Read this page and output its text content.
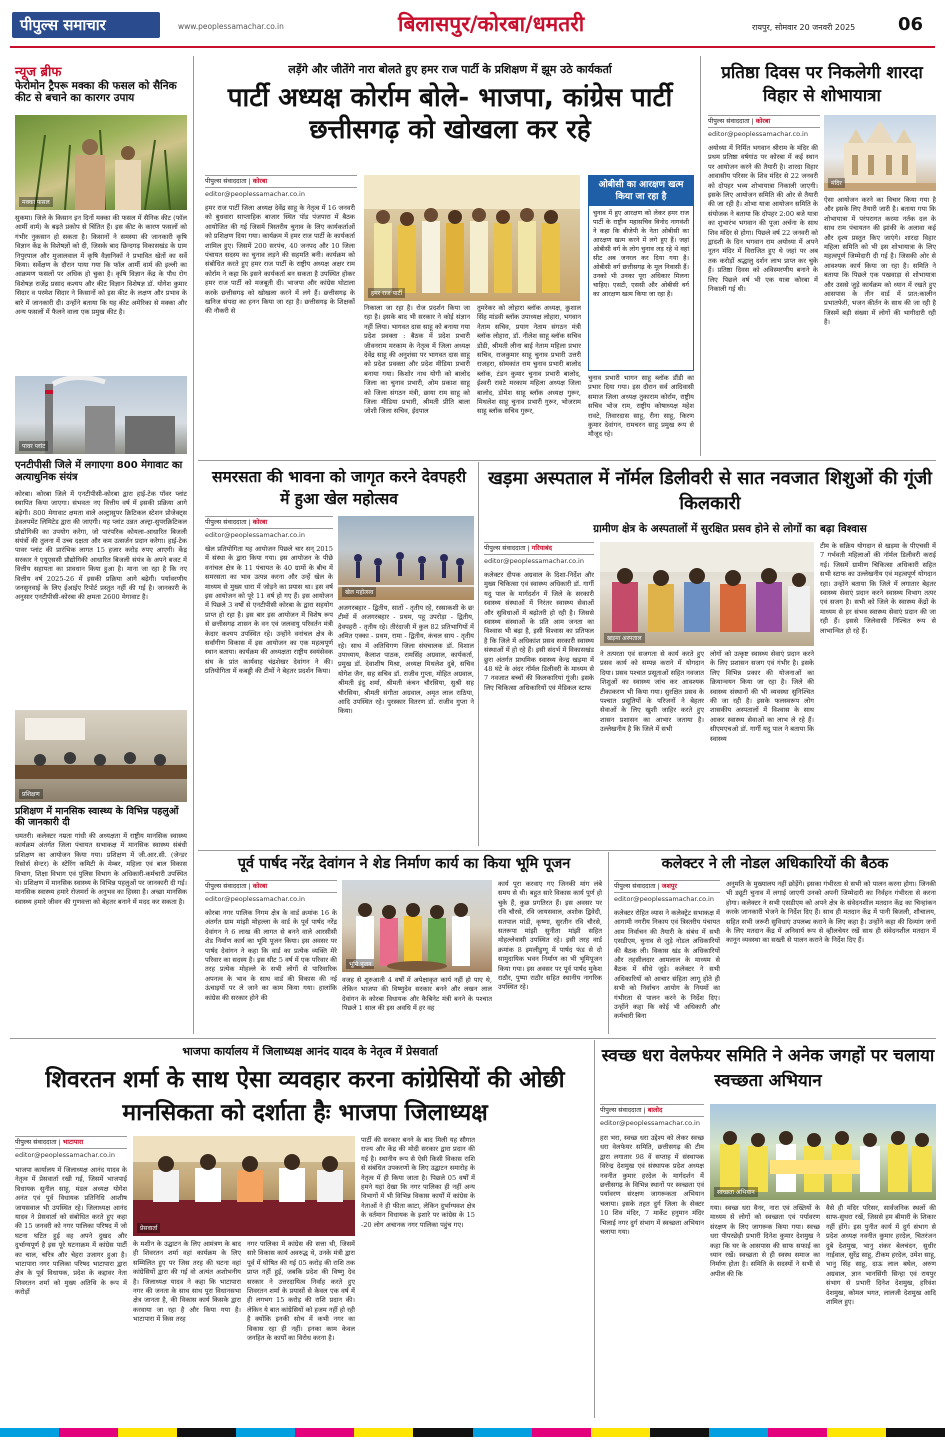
पीपुल्स समाचार	www.peoplessamachar.co.in	बिलासपुर/कोरबा/धमतरी	रायपुर, सोमवार 20 जनवरी 2025 06
न्यूज ब्रीफ
फेरोमोन ट्रैपरू मक्का की फसल को सैनिक कीट से बचाने का कारगर उपाय
मक्का फसल
सुकमा। जिले के किसान इन दिनों मक्का की फसल में सैनिक कीट (फॉल आर्मी वार्म) के बढ़ते प्रकोप से चिंतित हैं। इस कीट के कारण फसलों को गंभीर नुकसान हो सकता है। किसानों ने समस्या की जानकारी कृषि विज्ञान केंद्र के विशेषज्ञों को दी, जिसके बाद छिन्दगढ़ विकासखंड के ग्राम निपुरपाल और मुजालवाल में कृषि वैज्ञानिकों ने प्रभावित खेतों का सर्वे किया। सर्वेक्षण के दौरान पाया गया कि फॉल आर्मी वार्म की इल्ली का आक्रमण फसलों पर अधिक हो चुका है। कृषि विज्ञान केंद्र के पौध रोग विशेषज्ञ राजेंद्र प्रसाद कश्यप और कीट विज्ञान विशेषज्ञ डॉ. योगेश कुमार सिदार व परमेश सिदार ने किसानों को इस कीट के लक्षण और प्रभाव के बारे में जानकारी दी। उन्होंने बताया कि यह कीट अमेरिका से मक्का और अन्य फसलों में फैलने वाला एक प्रमुख कीट है।
पावर प्लांट
एनटीपीसी जिले में लगाएगा 800 मेगावाट का अत्याधुनिक संयंत्र
कोरबा। कोरबा जिले में एनटीपीसी-कोरबा द्वारा हाई-टेक पॉवर प्लांट स्थापित किया जाएगा। संभवतः नए वित्तीय वर्ष में इसकी प्रक्रिया आगे बढ़ेगी। 800 मेगावाट क्षमता वाले अल्ट्रासुपर क्रिटिकल स्टेशन प्रोजेक्ट्स डेवलपमेंट लिमिटेड द्वारा की जाएगी। यह प्लांट उन्नत अल्ट्रा-सुपरक्रिटिकल प्रौद्योगिकी का उपयोग करेगा, जो पारंपरिक कोयला-आधारित बिजली संयंत्रों की तुलना में उच्च दक्षता और कम उत्सर्जन प्रदान करेगा। हाई-टेक पावर प्लांट की प्रारंभिक लागत 15 हजार करोड़ रुपए आएगी। केंद्र सरकार ने एयूएससी प्रौद्योगिकी आधारित बिजली संयंत्र के अपने बजट में वित्तीय सहायता का प्रावधान किया हुआ है। माना जा रहा है कि नए वित्तीय वर्ष 2025-26 में इसकी प्रक्रिया आगे बढ़ेगी। पर्यावरणीय जनसुनवाई के लिए ईआईए रिपोर्ट प्रस्तुत नहीं की गई है। जानकारी के अनुसार एनटीपीसी-कोरबा की क्षमता 2600 मेगावाट है।
प्रशिक्षण
प्रशिक्षण में मानसिक स्वास्थ्य के विभिन्न पहलुओं की जानकारी दी
धमतरी। कलेक्टर नम्रता गांधी की अध्यक्षता में राष्ट्रीय मानसिक स्वास्थ्य कार्यक्रम अंतर्गत जिला पंचायत सभाकक्ष में मानसिक स्वास्थ्य संबंधी प्रशिक्षण का आयोजन किया गया। प्रशिक्षण में जी.आर.सी. (जेन्डर रिसोर्स सेन्टर) के स्टेरिंग कमिटी के मेम्बर, महिला एवं बाल विकास विभाग, शिक्षा विभाग एवं पुलिस विभाग के अधिकारी-कर्मचारी उपस्थित थे। प्रशिक्षण में मानसिक स्वास्थ्य के विभिन्न पहलुओं पर जानकारी दी गई। मानसिक स्वास्थ्य हमारे रोजमर्रा के अनुभव का हिस्सा है। अच्छा मानसिक स्वास्थ्य हमारे जीवन की गुणवत्ता को बेहतर बनाने में मदद कर सकता है।
लड़ेंगे और जीतेंगे नारा बोलते हुए हमर राज पार्टी के प्रशिक्षण में झूम उठे कार्यकर्ता
पार्टी अध्यक्ष कोर्राम बोले- भाजपा, कांग्रेस पार्टी छत्तीसगढ़ को खोखला कर रहे
पीपुल्स संवाददाता | कोरबा
editor@peoplessamachar.co.in
हमर राज पार्टी जिला अध्यक्ष देवेंद्र साहू के नेतृत्व में 16 जनवरी को बुधवारा साप्ताहिक बाजार स्थित पॉड पंजपारा में बैठक आयोजित की गई जिसमें त्रिस्तरीय चुनाव के लिए कार्यकर्ताओं को प्रशिक्षण दिया गया। कार्यक्रम में हमर राज पार्टी के कार्यकर्ता शामिल हुए। जिसमें 200 सरपंच, 40 जनपद और 10 जिला पंचायत सदस्य का चुनाव लड़ने की सहमति बनी। कार्यक्रम को संबोधित करते हुए हमर राज पार्टी के राष्ट्रीय अध्यक्ष अक्षर राम कोर्राम ने कहा कि इसने कार्यकर्ता बन सकता है उपस्थित होकर हमर राज पार्टी को मजबूती दी। भाजपा और कांग्रेस घोटाला करके छत्तीसगढ़ को खोखला करने में लगे हैं। छत्तीसगढ़ के खनिज संपदा का हनन किया जा रहा है। छत्तीसगढ़ के शिक्षकों की नौकरी से
हमर राज पार्टी
निकाला जा रहा है। रोज प्रदर्शन किया जा रहा है। इसके बाद भी सरकार ने कोई संज्ञान नहीं लिया। भागवत दास साहू को बनाया गया प्रदेश प्रवक्ता : बैठक में प्रदेश प्रभारी जीवनराम मरकाम के नेतृत्व में जिला अध्यक्ष देवेंद्र साहू की अनुशंसा पर भागवत दास साहू को प्रदेश प्रवक्ता और प्रदेश मीडिया प्रभारी बनाया गया। किशोर नाथ योगी को बालोद जिला का चुनाव प्रभारी, ओम प्रकाश साहू को जिला संगठन मंत्री, छाया राम साहू को जिला मीडिया प्रभारी, श्रीमती प्रीति बाला जोशी जिला सचिव, ईदपाल
तुमरेकर को लोहारा ब्लॉक अध्यक्ष, कुशाल सिंह मांडवी ब्लॉक उपाध्यक्ष लोहारा, भगवान नेताम सचिव, प्रयाग नेताम संगठन मंत्री ब्लॉक लोहारा, डॉ. नीलेश साहू ब्लॉक सचिव डोंडी, श्रीमती लीना बाई नेताम महिला प्रभार सचिव, राजकुमार साहू चुनाव प्रभारी उत्तरी राजहरा, सोमकांत राम चुनाव प्रभारी बालोद ब्लॉक, टंडन कुमार चुनाव प्रभारी बालोद, ईश्वरी रावटे मरकाम महिला अध्यक्ष जिला बालोद, डोमेश साहू ब्लॉक अध्यक्ष गुरूर, मिथलेश साहू चुनाव प्रभारी गुरूर, भोजराम साहू ब्लॉक सचिव गुरूर,
ओबीसी का आरक्षण खत्म किया जा रहा है
चुनाव में हुए आरक्षण को लेकर हमर राज पार्टी के राष्ट्रीय महासचिव विनोद नागवंशी ने कहा कि बीजेपी के नेता ओबीसी का आरक्षण खत्म करने में लगे हुए हैं। जहां ओबीसी वर्ग के लोग चुनाव लड़ रहे थे वहां सीट अब जनरल कर दिया गया है। ओबीसी वर्ग छत्तीसगढ़ के मूल निवासी हैं। उनको भी उनका पूरा अधिकार मिलना चाहिए। एसटी, एससी और ओबीसी वर्ग का आरक्षण खत्म किया जा रहा है।
चुनाव प्रभारी भागन साहू ब्लॉक डौंडी का प्रभार दिया गया। इस दौरान सर्व आदिवासी समाज जिला अध्यक्ष तुकाराम कोर्राम, राष्ट्रीय सचिव भोज राम, राष्ट्रीय कोषाध्यक्ष महेश रावटे, तिवारदास साहू, रीना साहू, किरण कुमार देवांगन, रामचरन साहू प्रमुख रूप से मौजूद रहे।
प्रतिष्ठा दिवस पर निकलेगी शारदा विहार से शोभायात्रा
पीपुल्स संवाददाता | कोरबा
editor@peoplessamachar.co.in
अयोध्या में निर्मित भगवान श्रीराम के मंदिर की प्रथम प्रतिष्ठा वर्षगांठ पर कोरबा में कई स्थान पर आयोजन करने की तैयारी है। शारदा विहार आवासीय परिसर के शिव मंदिर से 22 जनवरी को दोपहर भव्य शोभायात्रा निकाली जाएगी। इसके लिए आयोजन समिति की ओर से तैयारी की जा रही है। शोभा यात्रा आयोजन समिति के संयोजक ने बताया कि दोपहर 2:00 बजे यात्रा का शुभारंभ भगवान की पूजा अर्चना के साथ शिव मंदिर से होगा। पिछले वर्ष 22 जनवरी को द्वादशी के दिन भगवान राम अयोध्या में अपने नूतन मंदिर में विराजित हुए थे जहां पर अब तक करोड़ों श्रद्धालु दर्शन लाभ प्राप्त कर चुके हैं। प्रतिष्ठा दिवस को अविस्मरणीय बनाने के लिए पिछले वर्ष भी एक यात्रा कोरबा में निकाली गई थी।
मंदिर
ऐसा आयोजन करने का विचार किया गया है और इसके लिए तैयारी जारी है। बताया गया कि शोभायात्रा में परंपरागत करमा नर्तक दल के साथ राम पंचायतन की झांकी के अलावा कई और दृश्य प्रस्तुत किए जाएंगे। शारदा विहार महिला समिति को भी इस शोभायात्रा के लिए महत्वपूर्ण जिम्मेदारी दी गई है। जिसकी ओर से आवश्यक कार्य किया जा रहा है। समिति ने बताया कि पिछले एक पखवाड़ा से शोभायात्रा और उससे जुड़े कार्यक्रम को ध्यान में रखते हुए आसपास के तीन वार्ड में प्रात:कालीन प्रभातफेरी, भजन कीर्तन के साथ की जा रही है जिसमें बड़ी संख्या में लोगों की भागीदारी रही है।
समरसता की भावना को जागृत करने देवपहरी में हुआ खेल महोत्सव
पीपुल्स संवाददाता | कोरबा
editor@peoplessamachar.co.in
खेल प्रतियोगिता यह आयोजन पिछले चार सन् 2015 में संस्था के द्वारा किया गया। इस आयोजन के पीछे वनांचल क्षेत्र के 11 पंचायत के 40 ग्रामों के बीच में समरसता का भाव उत्पन्न करना और उन्हें खेल के माध्यम से मुख्य धारा में जोड़ने का प्रयास था। इस वर्ष इस आयोजन को पूरे 11 वर्ष हो गए हैं। इस आयोजन में पिछले 3 वर्षों से एनटीपीसी कोरबा के द्वारा सहयोग प्राप्त हो रहा है। इस बार इस आयोजन में विशेष रूप से छत्तीसगढ़ शासन के वन एवं जलवायु परिवर्तन मंत्री केदार कश्यप उपस्थित रहे। उन्होंने वनांचल क्षेत्र के सर्वांगीण विकास में इस आयोजन का एक महत्वपूर्ण स्थान बताया। कार्यक्रम की अध्यक्षता राष्ट्रीय स्वयंसेवक संघ के प्रांत कार्यवाह चंद्रशेखर देवांगन ने की। प्रतियोगिता में कबड्डी की टीमों ने बेहतर प्रदर्शन किया।
खेल महोत्सव
अजगरबहार - द्वितीय, सातों - तृतीय रहे, रस्साकशी के छः टीमों में अजगरबहार - प्रथम, पहू उपरोड़ा - द्वितीय, देवपहरी - तृतीय रहे। तीरंदाजी में कुल 82 प्रतिभागियों में अमित एक्का - प्रथम, रामा - द्वितीय, कंचल साय - तृतीय रहे। साथ में अतिथिगण जिला संघचालक डॉ. विशाल उपाध्याय, कैलाश पाठक, रामसिंह अग्रवाल, कार्यकर्ता, प्रमुख डॉ. देवाशीष मिश्रा, अध्यक्ष मिथलेश दुबे, सचिव योगेश जैन, सह सचिव डॉ. राजीव गुप्ता, मोहित अग्रवाल, श्रीमती इंदु शर्मा, श्रीमती कंचन चौरसिया, सुश्री सह चौरसिया, श्रीमती संगीता अग्रवाल, अमृत लाल राठिया, आदि उपस्थित रहे। पुरस्कार वितरण डॉ. राजीव गुप्ता ने किया।
खड़मा अस्पताल में नॉर्मल डिलीवरी से सात नवजात शिशुओं की गूंजी किलकारी
ग्रामीण क्षेत्र के अस्पतालों में सुरक्षित प्रसव होने से लोगों का बढ़ा विश्वास
पीपुल्स संवाददाता | गरियाबंद
editor@peoplessamachar.co.in
कलेक्टर दीपक अग्रवाल के दिशा-निर्देश और मुख्य चिकित्सा एवं स्वास्थ्य अधिकारी डॉ. गार्गी यदु पाल के मार्गदर्शन में जिले के सरकारी स्वास्थ्य संस्थाओं में निरंतर स्वास्थ्य सेवाओं और सुविधाओं में बढ़ोतरी हो रही है। जिससे स्वास्थ्य संस्थाओं के प्रति आम जनता का विश्वास भी बढ़ा है, इसी विश्वास का प्रतिफल है कि जिले में अधिकांश प्रसव सरकारी स्वास्थ्य संस्थाओं में हो रहे हैं। इसी संदर्भ में विकासखंड छुरा अंतर्गत प्राथमिक स्वास्थ्य केन्द्र खड़मा में 48 घंटे के अंदर नॉर्मल डिलीवरी के माध्यम से 7 नवजात बच्चों की किलकारियां गूंजी। इसके लिए चिकित्सा अधिकारियों एवं मेडिकल स्टाफ
खड़मा अस्पताल
ने तत्परता एवं सजगता से कार्य करते हुए प्रसव कार्य को सम्पन्न कराने में योगदान दिया। प्रसव पश्चात प्रसूताओं सहित नवजात शिशुओं का स्वास्थ्य जांच कर आवश्यक टीकाकरण भी किया गया। सुरक्षित प्रसव के पश्चात प्रसूतियों के परिजनों ने बेहतर सेवाओं के लिए खुशी जाहिर करते हुए शासन प्रशासन का आभार जताया है। उल्लेखनीय है कि जिले में सभी
लोगों को उत्कृष्ट स्वास्थ्य सेवाएं प्रदान करने के लिए प्रशासन सजग एवं गंभीर है। इसके लिए विभिन्न प्रकार की योजनाओं का क्रियान्वयन किया जा रहा है। जिले की स्वास्थ्य संस्थानों की भी व्यवस्था सुनिश्चित की जा रही है। इसके फलस्वरूप लोग शासकीय अस्पतालों में विश्वास के साथ आकर स्वास्थ्य सेवाओं का लाभ ले रहे हैं। सीएमएचओ डॉ. गार्गी यदु पाल ने बताया कि स्वास्थ्य
टीम के सक्रिय योगदान से खड़मा के पीएचसी में 7 गर्भवती महिलाओं की नॉर्मल डिलीवरी कराई गई। जिसमें ग्रामीण चिकित्सा अधिकारी सहित सभी स्टाफ का उल्लेखनीय एवं महत्वपूर्ण योगदान रहा। उन्होंने बताया कि जिले में लगातार बेहतर स्वास्थ्य सेवाएं प्रदान करने स्वास्थ्य विभाग तत्पर एवं सजग है। सभी को जिले के स्वास्थ्य केंद्रों के माध्यम से हर संभव स्वास्थ्य सेवाएं प्रदान की जा रही हैं। इससे जिलेवासी निश्चित रूप से लाभान्वित हो रहे हैं।
पूर्व पार्षद नरेंद्र देवांगन ने शेड निर्माण कार्य का किया भूमि पूजन
पीपुल्स संवाददाता | कोरबा
editor@peoplessamachar.co.in
कोरबा नगर पालिक निगम क्षेत्र के वार्ड क्रमांक 16 के अंतर्गत ग्राम मांझी मोहल्ला के वार्ड के पूर्व पार्षद नरेंद्र देवांगन ने 6 लाख की लागत से बनने वाले आरसीसी शेड निर्माण कार्य का भूमि पूजन किया। इस अवसर पर पार्षद देवांगन ने कहा कि वार्ड का प्रत्येक व्यक्ति मेरे परिवार का सदस्य है। इस सीट 5 वर्ष में एक परिवार की तरह प्रत्येक मोहल्ले के सभी लोगों से पारिवारिक अपनत्व के भाव के साथ वार्ड की विकास की नई ऊंचाइयों पर ले जाने का काम किया गया। हालांकि कांग्रेस की सरकार होने की
भूमि पूजन
वजह से शुरुआती 4 वर्षों में अपेक्षाकृत कार्य नहीं हो पाए थे, लेकिन भाजपा की विष्णुदेव सरकार बनने और लखन लाल देवांगन के कोरबा विधायक और कैबिनेट मंत्री बनने के पश्चात पिछले 1 साल की इस अवधि में हर वह
कार्य पूरा करवाए गए जिनकी मांग लंबे समय से थी। बहुत सारे विकास कार्य पूर्ण हो चुके हैं, कुछ प्रगतिरत हैं। इस अवसर पर रवि चौरसे, रवि जायसवाल, अशोक द्विवेदी, सतपाल मांडी, कृष्णा, सुरतीन रवि चौरसे, सतरूपा मांझी सुनीता मांझी सहित मोहल्लेवासी उपस्थित रहे। इसी तरह वार्ड क्रमांक 8 इमलीडुग्गू में पार्षद फंड से दो सामुदायिक भवन निर्माण का भी भूमिपूजन किया गया। इस अवसर पर पूर्व पार्षद मुकेश राठौर, पुष्पा राठौर सहित स्थानीय नागरिक उपस्थित रहे।
कलेक्टर ने ली नोडल अधिकारियों की बैठक
पीपुल्स संवाददाता | जशपुर
editor@peoplessamachar.co.in
कलेक्टर रोहित व्यास ने कलेक्ट्रेट सभाकक्ष में आगामी नगरीय निकाय एवं त्रिस्तरीय पंचायत आम निर्वाचन की तैयारी के संबंध में सभी एसडीएम, चुनाव से जुड़े नोडल अधिकारियों की बैठक ली। विकास खंड के अधिकारियों और तहसीलदार आमलाल के माध्यम से बैठक में सीधे जुड़े। कलेक्टर ने सभी अधिकारियों को आचार संहिता लागू होते ही सभी को निर्वाचन आयोग के नियमों का गंभीरता से पालन करने के निर्देश दिए। उन्होंने कहा कि कोई भी अधिकारी और कर्मचारी बिना
अनुमति के मुख्यालय नहीं छोड़ेंगे। इसका गंभीरता से सभी को पालन करना होगा। जिनकी भी ड्यूटी चुनाव में लगाई जाएगी उनको अपनी जिम्मेदारी का निर्वहन गंभीरता से करना होगा। कलेक्टर ने सभी एसडीएम को अपने क्षेत्र के संवेदनशील मतदान केंद्र का चिन्हांकन करके जानकारी भेजने के निर्देश दिए हैं। साथ ही मतदान केंद्र में पानी बिजली, शौचालय, सहित सभी जरूरी सुविधाएं उपलब्ध कराने के लिए कहा है। उन्होंने कहा की दिव्यांग जनों के लिए मतदान केंद्र में अनिवार्य रूप से व्हीलचेयर रखें साथ ही संवेदनशील मतदान में कानून व्यवस्था का सख्ती से पालन कराने के निर्देश दिए हैं।
भाजपा कार्यालय में जिलाध्यक्ष आनंद यादव के नेतृत्व में प्रेसवार्ता
शिवरतन शर्मा के साथ ऐसा व्यवहार करना कांग्रेसियों की ओछी मानसिकता को दर्शाता हैः भाजपा जिलाध्यक्ष
पीपुल्स संवाददाता | भाटापारा
editor@peoplessamachar.co.in
भाजपा कार्यालय में जिलाध्यक्ष आनंद यादव के नेतृत्व में प्रेसवार्ता रखी गई, जिसमें भाजपाई विधायक सुनील साहू, मंडल अध्यक्ष योगेश अनंत एवं पूर्व विधायक प्रतिनिधि आशीष जायसवाल भी उपस्थित रहे। जिलाध्यक्ष आनंद यादव ने प्रेसवार्ता को संबोधित करते हुए कहा की 15 जनवरी को नगर पालिका परिषद में जो घटना घटित हुई वह अपने दुखद और दुर्भाग्यपूर्ण है इस पूरे घटनाक्रम में कांग्रेस पार्टी का चाल, चरित्र और चेहरा उजागर हुआ है। भाटापारा नगर पालिका परिषद भाटापारा द्वारा क्षेत्र के पूर्व विधायक, प्रदेश के कद्दावर नेता शिवरतन शर्मा को मुख्य अतिथि के रूप में करोड़ों
प्रेसवार्ता
के मशीन के उद्घाटन के लिए आमंत्रण के बाद ही शिवरतन शर्मा वहां कार्यक्रम के लिए सम्मिलित हुए पर जिस तरह की घटना वहां कांग्रेसियों द्वारा की गई वो अत्यंत अशोभनीय है। जिलाध्यक्ष यादव ने कहा कि भाटापारा नगर की जनता के साथ साथ पूरा विधानसभा क्षेत्र जानता है, की विकास कार्य किसके द्वारा करवाया जा रहा है और किया गया है। भाटापारा में किस तरह
नगर पालिका में कांग्रेस की सत्ता थी, जिसमें सारे विकास कार्य अवरुद्ध थे, उनके मंत्री द्वारा पूर्व में घोषित की गई 05 करोड़ की राशि तक प्राप्त नहीं हुई, जबकि प्रदेश की विष्णु देव सरकार ने उत्तरदायित्व निर्वाह करते हुए शिवरतन शर्मा के प्रयासों से केवल एक वर्ष में ही लगभग 15 करोड़ की राशि प्रदान की। लेकिन ये बात कांग्रेसियों को हजम नहीं हो रही है क्योंकि इनकी सोच में कभी नगर का विकास रहा ही नहीं। इनका काम केवल जनहित के कार्यों का विरोध करना है।
पार्टी की सरकार बनने के बाद मिली यह सौगात राज्य और केंद्र की मोदी सरकार द्वारा प्रदान की गई है। स्थानीय रूप से ऐसी किसी विकास राशि से संबंधित उपकरणों के लिए उद्घाटन समारोह के नेतृत्व में ही किया जाता है। पिछले 05 वर्षों में हमने यहां देखा कि नगर पालिका ही नहीं अन्य विभागों में भी विभिन्न विकास कार्यों में कांग्रेस के नेताओं ने ही फीता काटा, लेकिन दुर्भाग्यवश क्षेत्र के वर्तमान विधायक के इशारे पर कांग्रेस के 15 -20 लोग अचानक नगर पालिका पहुंच गए।
स्वच्छ धरा वेलफेयर समिति ने अनेक जगहों पर चलाया स्वच्छता अभियान
पीपुल्स संवाददाता | बालोद
editor@peoplessamachar.co.in
हरा भरा, स्वच्छ धरा उद्देश्य को लेकर स्वच्छ धरा वेलफेयर समिति, छत्तीसगढ़ की टीम द्वारा लगातार 98 वें सप्ताह में संस्थापक विरेन्द्र देशमुख एवं संस्थापक प्रदेश अध्यक्ष नवनीत कुमार हरदेल के मार्गदर्शन में छत्तीसगढ़ के विभिन्न स्थानों पर स्वच्छता एवं पर्यावरण संरक्षण जागरूकता अभियान चलाया। इसके तहत दुर्ग जिला के सेक्टर 10 शिव मंदिर, 7 मार्केट हनुमान मंदिर भिलाई नगर दुर्ग संभाग में स्वच्छता अभियान चलाया गया।
स्वच्छता अभियान
गया। स्वच्छ धरा वैनर, नारा एवं तख्तियों के माध्यम से लोगों को स्वच्छता एवं पर्यावरण संरक्षण के लिए जागरूक किया गया। स्वच्छ धरा पीपरछेड़ी प्रभारी दिनेश कुमार देशमुख ने कहा कि घर के आसपास की साफ सफाई का ध्यान रखें। स्वच्छता से ही स्वस्थ समाज का निर्माण होता है। समिति के सदस्यों ने सभी से अपील की कि
वैसे ही मंदिर परिसर, सार्वजनिक स्थलों की साफ-सुथरा रखें, जिससे हम बीमारी के शिकार नहीं होंगे। इस पुनीत कार्य में दुर्ग संभाग से प्रदेश अध्यक्ष नवनीत कुमार हरदेल, चितरंजन दुबे देशमुख, भानु शंकर बेलचंदन, सुधीर नाईवाल, सुरेंद्र साहू, टीकम हरदेल, उमेश साहू, भानु सिंह साहू, दाऊ लाल बघेल, अरुण अग्रवाल, ज्ञान भानसिंगी सिन्हा एवं रायपुर संभाग से प्रभारी दिनेश देशमुख, हरिवंश देशमुख, कोमल भगत, लालजी देशमुख आदि शामिल हुए।
